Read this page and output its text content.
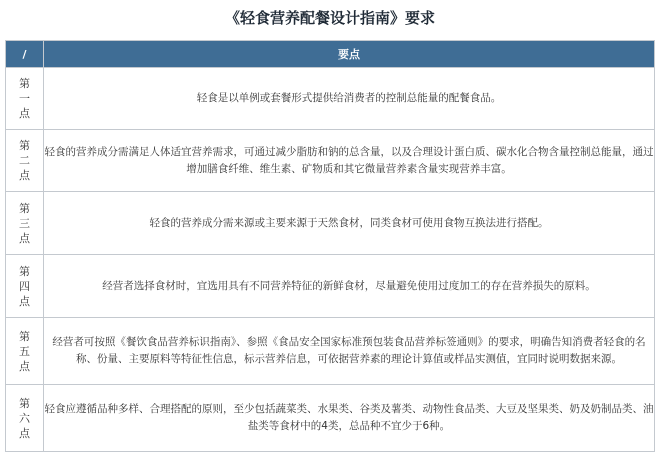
《轻食营养配餐设计指南》要求
/	要点

第
一
点	轻食是以单例或套餐形式提供给消费者的控制总能量的配餐食品。

第
二
点	轻食的营养成分需满足人体适宜营养需求，可通过减少脂肪和钠的总含量，以及合理设计蛋白质、碳水化合物含量控制总能量，通过增加膳食纤维、维生素、矿物质和其它微量营养素含量实现营养丰富。

第
三
点	轻食的营养成分需来源或主要来源于天然食材，同类食材可使用食物互换法进行搭配。

第
四
点	经营者选择食材时，宜选用具有不同营养特征的新鲜食材，尽量避免使用过度加工的存在营养损失的原料。

第
五
点	经营者可按照《餐饮食品营养标识指南》、参照《食品安全国家标准预包装食品营养标签通则》的要求，明确告知消费者轻食的名称、份量、主要原料等特征性信息，标示营养信息，可依据营养素的理论计算值或样品实测值，宜同时说明数据来源。

第
六
点	轻食应遵循品种多样、合理搭配的原则，至少包括蔬菜类、水果类、谷类及薯类、动物性食品类、大豆及坚果类、奶及奶制品类、油盐类等食材中的4类，总品种不宜少于6种。
